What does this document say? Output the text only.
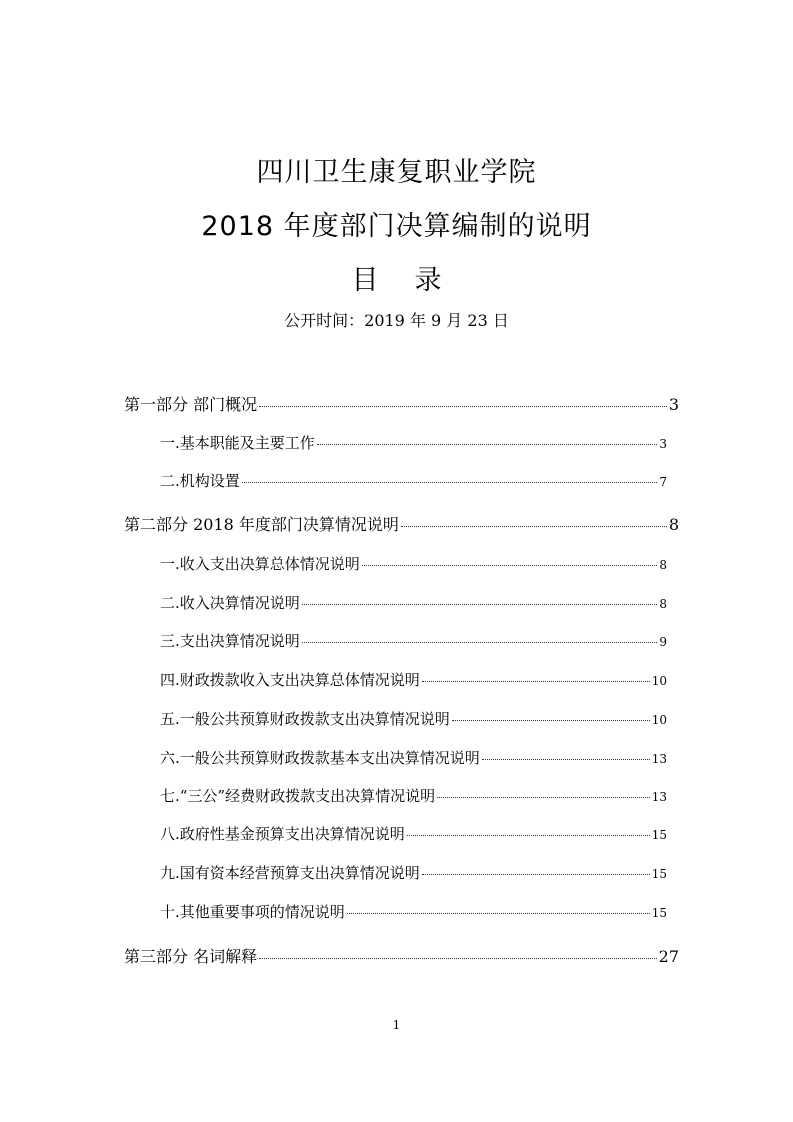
四川卫生康复职业学院
2018 年度部门决算编制的说明
目 录
公开时间：2019 年 9 月 23 日
第一部分 部门概况	3
一.基本职能及主要工作	3
二.机构设置	7
第二部分 2018 年度部门决算情况说明	8
一.收入支出决算总体情况说明	8
二.收入决算情况说明	8
三.支出决算情况说明	9
四.财政拨款收入支出决算总体情况说明	10
五.一般公共预算财政拨款支出决算情况说明	10
六.一般公共预算财政拨款基本支出决算情况说明	13
七.“三公”经费财政拨款支出决算情况说明	13
八.政府性基金预算支出决算情况说明	15
九.国有资本经营预算支出决算情况说明	15
十.其他重要事项的情况说明	15
第三部分 名词解释	27
1
